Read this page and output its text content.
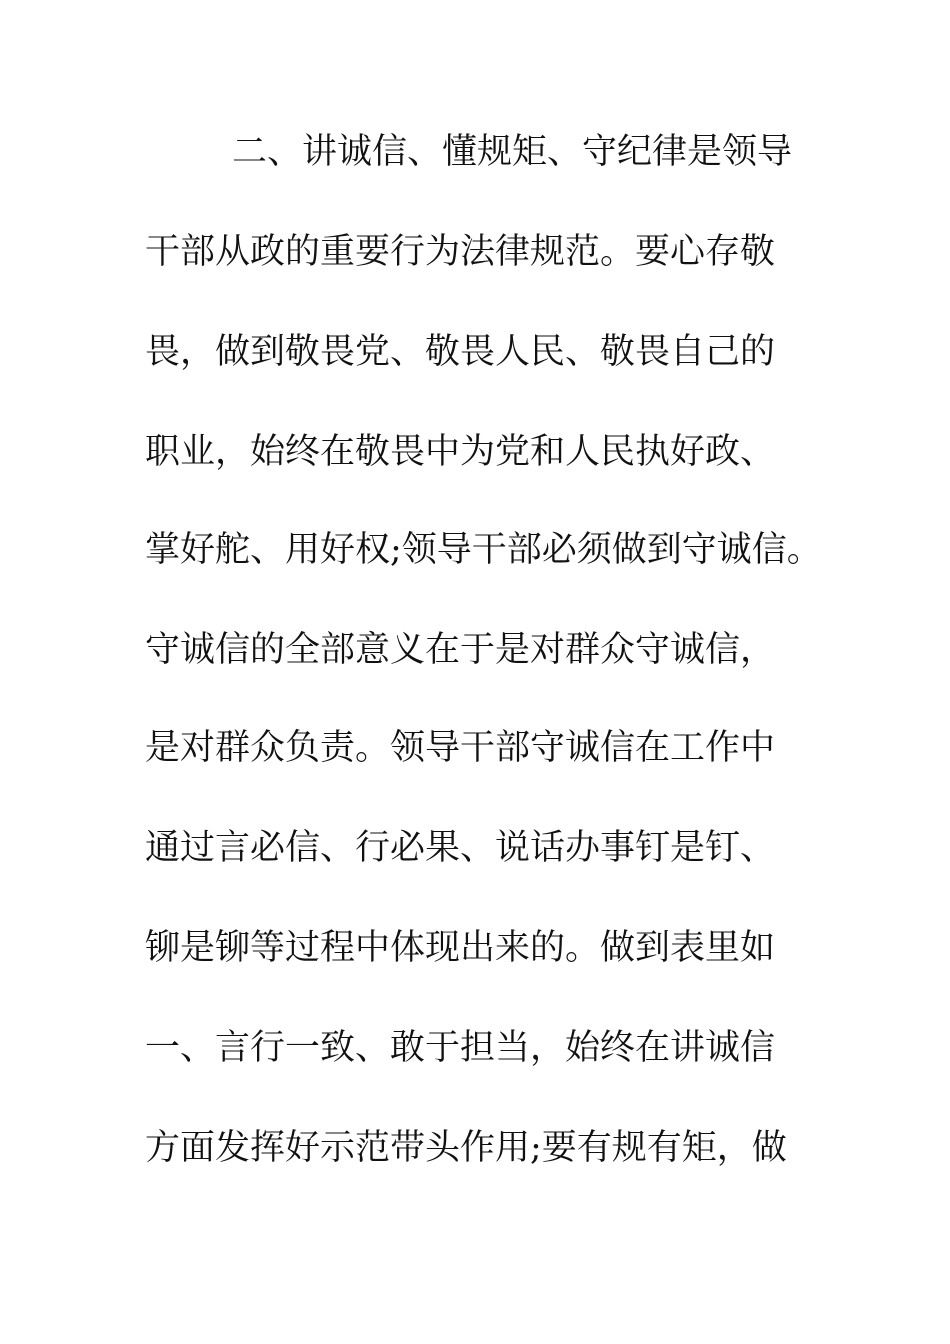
二、讲诚信、懂规矩、守纪律是领导
干部从政的重要行为法律规范。要心存敬
畏，做到敬畏党、敬畏人民、敬畏自己的
职业，始终在敬畏中为党和人民执好政、
掌好舵、用好权;领导干部必须做到守诚信。
守诚信的全部意义在于是对群众守诚信，
是对群众负责。领导干部守诚信在工作中
通过言必信、行必果、说话办事钉是钉、
铆是铆等过程中体现出来的。做到表里如
一、言行一致、敢于担当，始终在讲诚信
方面发挥好示范带头作用;要有规有矩，做
